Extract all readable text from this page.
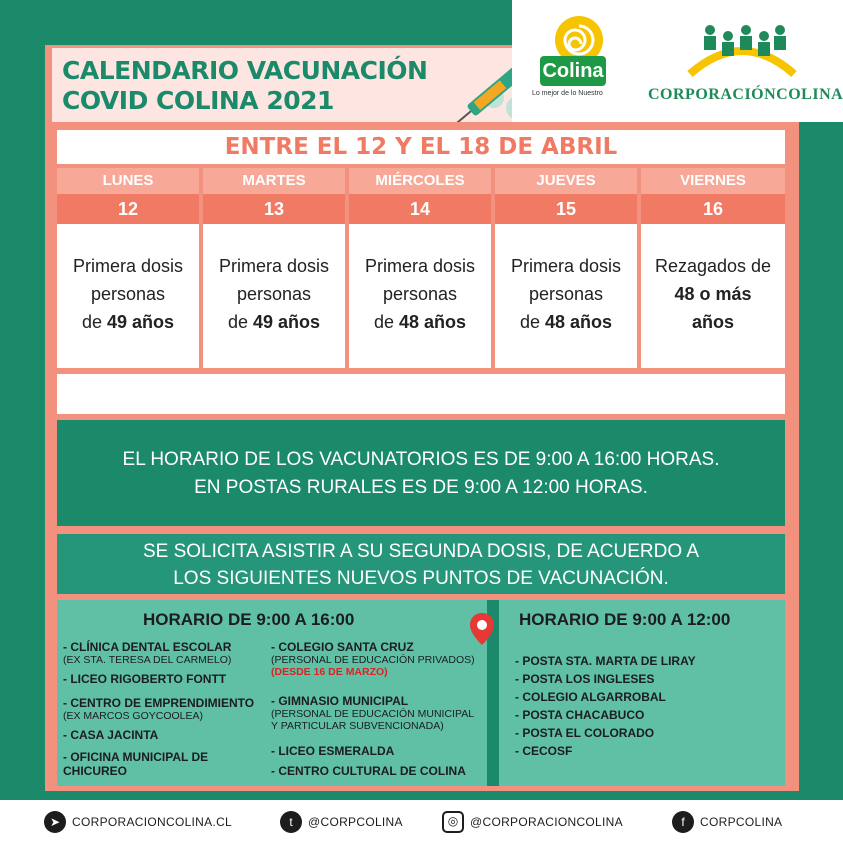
CALENDARIO VACUNACIÓN
COVID COLINA 2021
Colina
Lo mejor de lo Nuestro	CORPORACIÓNCOLINA
ENTRE EL 12 Y EL 18 DE ABRIL
LUNES
12
Primera dosis
personas
de 49 años
MARTES
13
Primera dosis
personas
de 49 años
MIÉRCOLES
14
Primera dosis
personas
de 48 años
JUEVES
15
Primera dosis
personas
de 48 años
VIERNES
16
Rezagados de
48 o más
años
EL HORARIO DE LOS VACUNATORIOS ES DE 9:00 A 16:00 HORAS.
EN POSTAS RURALES ES DE 9:00 A 12:00 HORAS.
SE SOLICITA ASISTIR A SU SEGUNDA DOSIS, DE ACUERDO A
LOS SIGUIENTES NUEVOS PUNTOS DE VACUNACIÓN.
HORARIO DE 9:00 A 16:00
- CLÍNICA DENTAL ESCOLAR
(EX STA. TERESA DEL CARMELO)
- LICEO RIGOBERTO FONTT
- CENTRO DE EMPRENDIMIENTO
(EX MARCOS GOYCOOLEA)
- CASA JACINTA
- OFICINA MUNICIPAL DE
CHICUREO
- COLEGIO SANTA CRUZ
(PERSONAL DE EDUCACIÓN PRIVADOS)
(DESDE 16 DE MARZO)
- GIMNASIO MUNICIPAL
(PERSONAL DE EDUCACIÓN MUNICIPAL
Y PARTICULAR SUBVENCIONADA)
- LICEO ESMERALDA
- CENTRO CULTURAL DE COLINA
HORARIO DE 9:00 A 12:00
- POSTA STA. MARTA DE LIRAY
- POSTA LOS INGLESES
- COLEGIO ALGARROBAL
- POSTA CHACABUCO
- POSTA EL COLORADO
- CECOSF
➤ CORPORACIONCOLINA.CL	t	@CORPCOLINA	◎ @CORPORACIONCOLINA	f	CORPCOLINA
